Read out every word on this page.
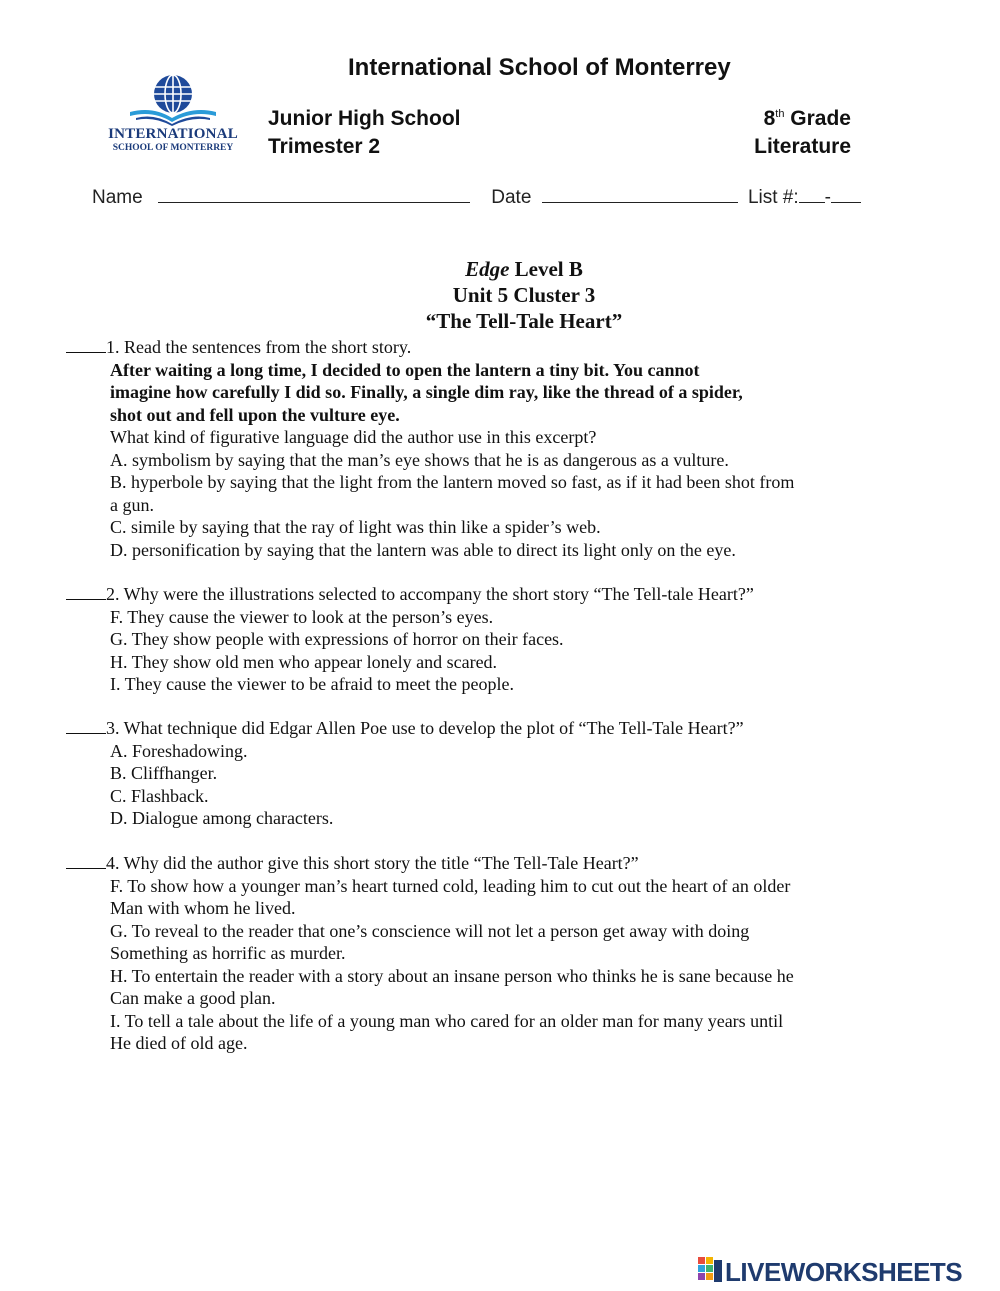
International School of Monterrey
INTERNATIONAL
SCHOOL OF MONTERREY
Junior High School
Trimester 2
8th Grade
Literature
Name	Date	List #: -
Edge Level B
Unit 5 Cluster 3
“The Tell-Tale Heart”
1. Read the sentences from the short story.
After waiting a long time, I decided to open the lantern a tiny bit. You cannot
imagine how carefully I did so. Finally, a single dim ray, like the thread of a spider,
shot out and fell upon the vulture eye.
What kind of figurative language did the author use in this excerpt?
A. symbolism by saying that the man’s eye shows that he is as dangerous as a vulture.
B. hyperbole by saying that the light from the lantern moved so fast, as if it had been shot from
a gun.
C. simile by saying that the ray of light was thin like a spider’s web.
D. personification by saying that the lantern was able to direct its light only on the eye.
2. Why were the illustrations selected to accompany the short story “The Tell-tale Heart?”
F. They cause the viewer to look at the person’s eyes.
G. They show people with expressions of horror on their faces.
H. They show old men who appear lonely and scared.
I. They cause the viewer to be afraid to meet the people.
3. What technique did Edgar Allen Poe use to develop the plot of “The Tell-Tale Heart?”
A. Foreshadowing.
B. Cliffhanger.
C. Flashback.
D. Dialogue among characters.
4. Why did the author give this short story the title “The Tell-Tale Heart?”
F. To show how a younger man’s heart turned cold, leading him to cut out the heart of an older
Man with whom he lived.
G. To reveal to the reader that one’s conscience will not let a person get away with doing
Something as horrific as murder.
H. To entertain the reader with a story about an insane person who thinks he is sane because he
Can make a good plan.
I. To tell a tale about the life of a young man who cared for an older man for many years until
He died of old age.
LIVEWORKSHEETS
